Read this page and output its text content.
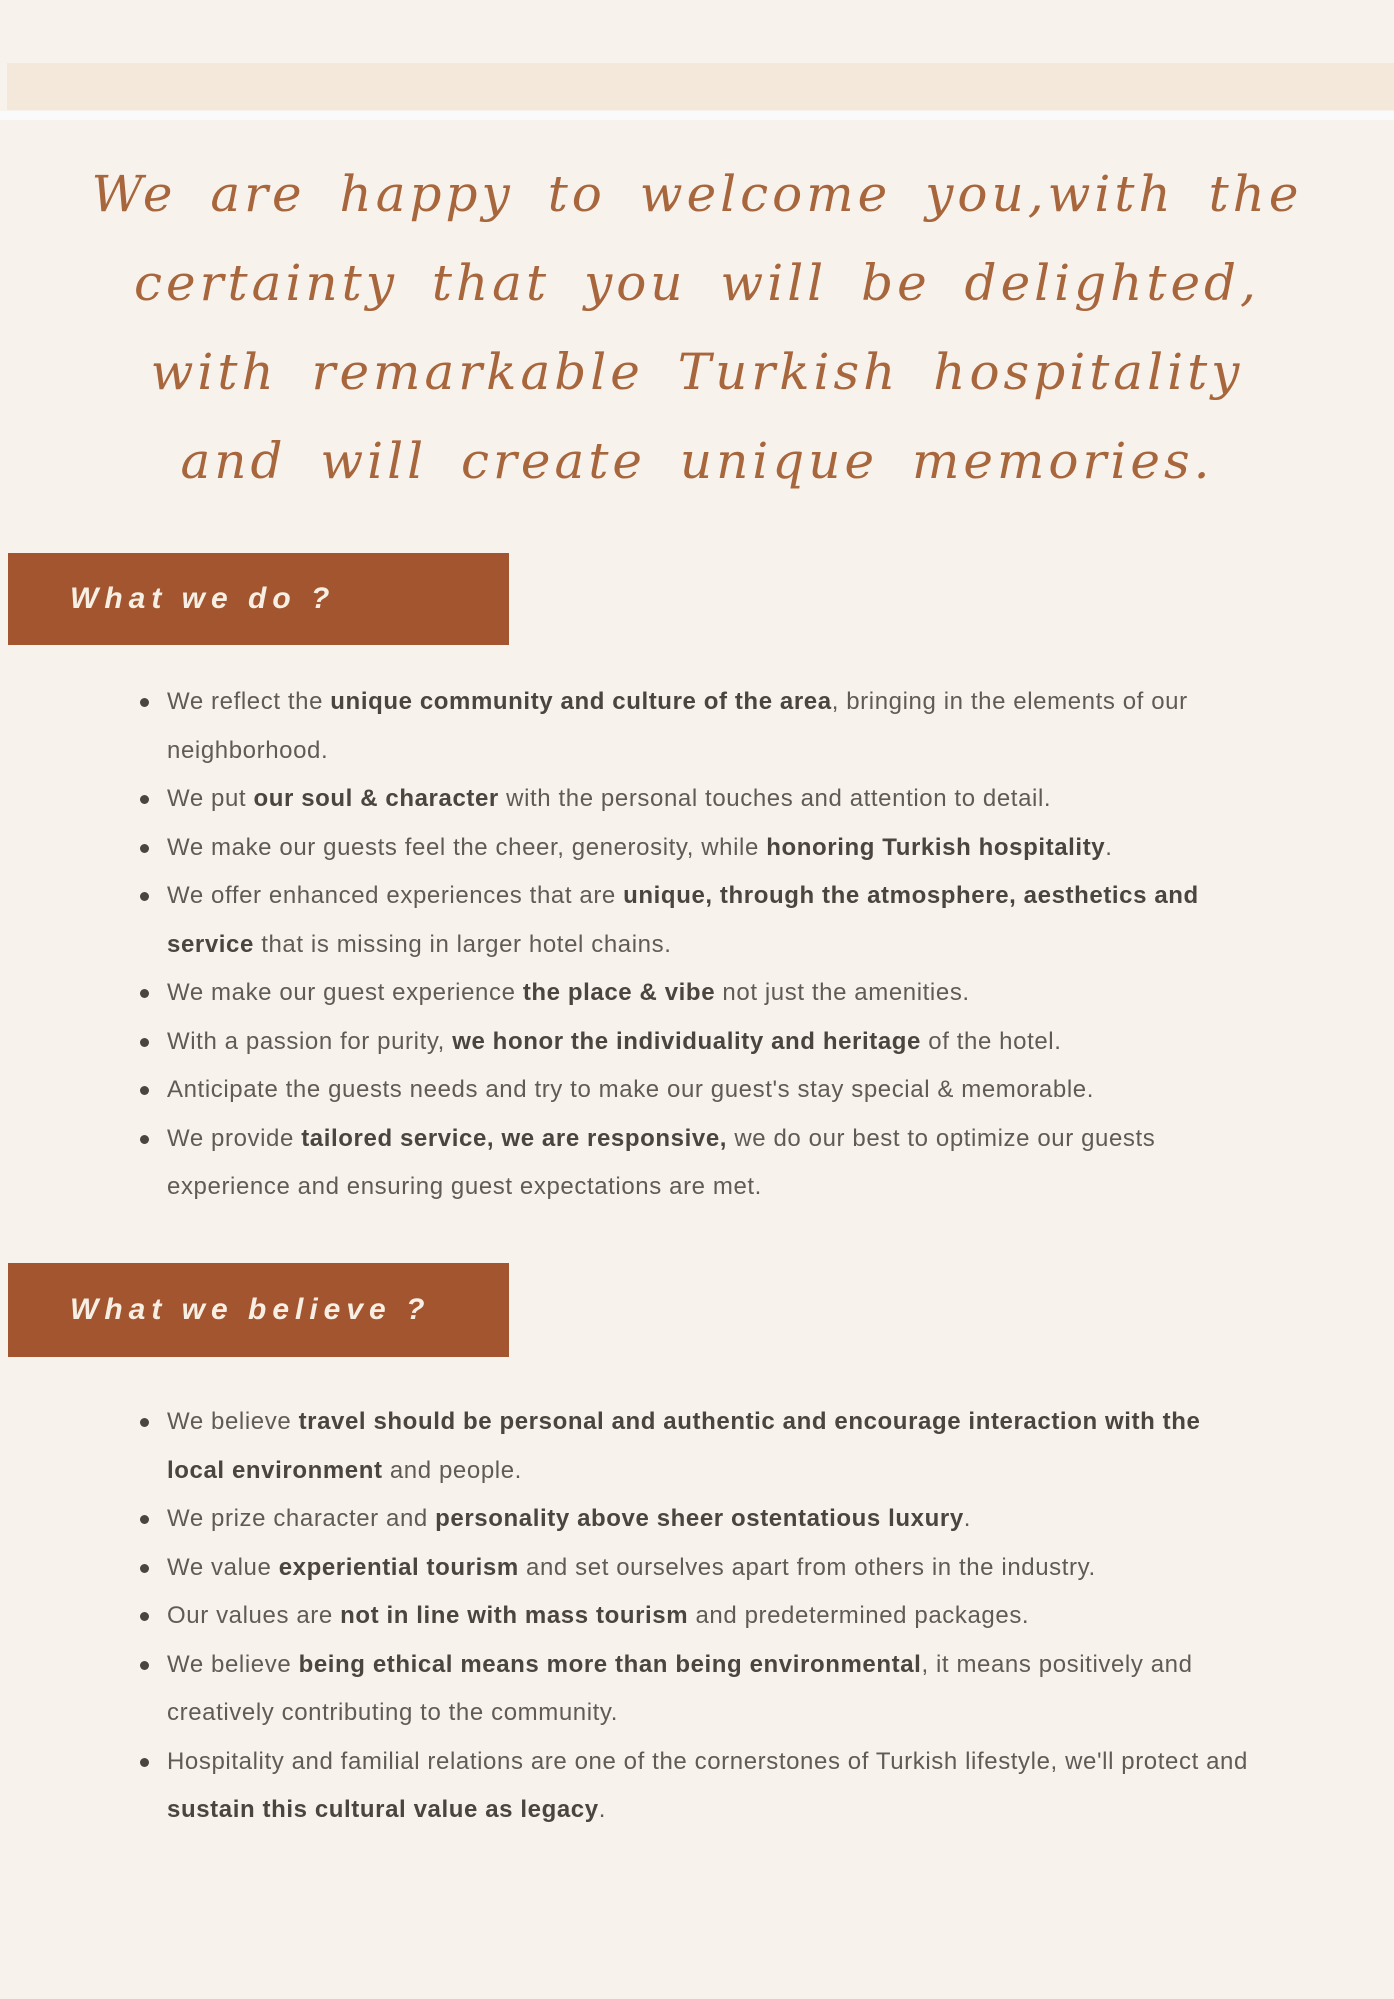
We are happy to welcome you,with the
certainty that you will be delighted,
with remarkable Turkish hospitality
and will create unique memories.
What we do ?
We reflect the unique community and culture of the area, bringing in the elements of our neighborhood.
We put our soul & character with the personal touches and attention to detail.
We make our guests feel the cheer, generosity, while honoring Turkish hospitality.
We offer enhanced experiences that are unique, through the atmosphere, aesthetics and service that is missing in larger hotel chains.
We make our guest experience the place & vibe not just the amenities.
With a passion for purity, we honor the individuality and heritage of the hotel.
Anticipate the guests needs and try to make our guest's stay special & memorable.
We provide tailored service, we are responsive, we do our best to optimize our guests experience and ensuring guest expectations are met.
What we believe ?
We believe travel should be personal and authentic and encourage interaction with the local environment and people.
We prize character and personality above sheer ostentatious luxury.
We value experiential tourism and set ourselves apart from others in the industry.
Our values are not in line with mass tourism and predetermined packages.
We believe being ethical means more than being environmental, it means positively and creatively contributing to the community.
Hospitality and familial relations are one of the cornerstones of Turkish lifestyle, we'll protect and sustain this cultural value as legacy.
